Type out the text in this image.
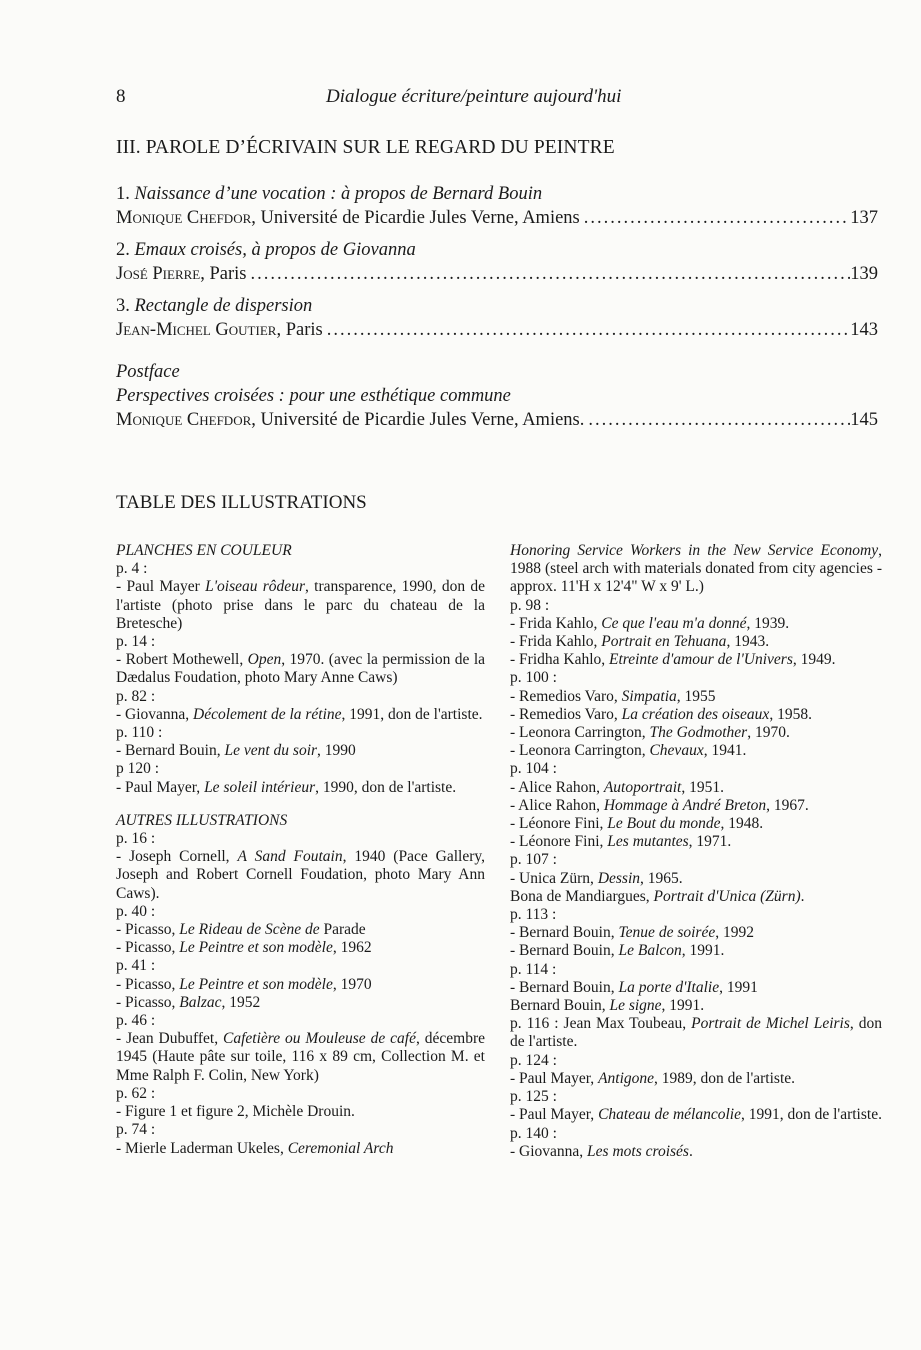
8	Dialogue écriture/peinture aujourd'hui
III. PAROLE D’ÉCRIVAIN SUR LE REGARD DU PEINTRE
1. Naissance d’une vocation : à propos de Bernard Bouin
Monique Chefdor, Université de Picardie Jules Verne, Amiens .....	137
2. Emaux croisés, à propos de Giovanna
José Pierre, Paris .....	139
3. Rectangle de dispersion
Jean-Michel Goutier, Paris .....	143
Postface
Perspectives croisées : pour une esthétique commune
Monique Chefdor, Université de Picardie Jules Verne, Amiens. .....	145
TABLE DES ILLUSTRATIONS
PLANCHES EN COULEUR
p. 4 :
- Paul Mayer L'oiseau rôdeur, transparence, 1990, don de l'artiste (photo prise dans le parc du chateau de la Bretesche)
p. 14 :
- Robert Mothewell, Open, 1970. (avec la permission de la Dædalus Foudation, photo Mary Anne Caws)
p. 82 :
- Giovanna, Décolement de la rétine, 1991, don de l'artiste.
p. 110 :
- Bernard Bouin, Le vent du soir, 1990
p 120 :
- Paul Mayer, Le soleil intérieur, 1990, don de l'artiste.
AUTRES ILLUSTRATIONS
p. 16 :
- Joseph Cornell, A Sand Foutain, 1940 (Pace Gallery, Joseph and Robert Cornell Foudation, photo Mary Ann Caws).
p. 40 :
- Picasso, Le Rideau de Scène de Parade
- Picasso, Le Peintre et son modèle, 1962
p. 41 :
- Picasso, Le Peintre et son modèle, 1970
- Picasso, Balzac, 1952
p. 46 :
- Jean Dubuffet, Cafetière ou Mouleuse de café, décembre 1945 (Haute pâte sur toile, 116 x 89 cm, Collection M. et Mme Ralph F. Colin, New York)
p. 62 :
- Figure 1 et figure 2, Michèle Drouin.
p. 74 :
- Mierle Laderman Ukeles, Ceremonial Arch
Honoring Service Workers in the New Service Economy, 1988 (steel arch with materials donated from city agencies - approx. 11'H x 12'4" W x 9' L.)
p. 98 :
- Frida Kahlo, Ce que l'eau m'a donné, 1939.
- Frida Kahlo, Portrait en Tehuana, 1943.
- Fridha Kahlo, Etreinte d'amour de l'Univers, 1949.
p. 100 :
- Remedios Varo, Simpatia, 1955
- Remedios Varo, La création des oiseaux, 1958.
- Leonora Carrington, The Godmother, 1970.
- Leonora Carrington, Chevaux, 1941.
p. 104 :
- Alice Rahon, Autoportrait, 1951.
- Alice Rahon, Hommage à André Breton, 1967.
- Léonore Fini, Le Bout du monde, 1948.
- Léonore Fini, Les mutantes, 1971.
p. 107 :
- Unica Zürn, Dessin, 1965.
Bona de Mandiargues, Portrait d'Unica (Zürn).
p. 113 :
- Bernard Bouin, Tenue de soirée, 1992
- Bernard Bouin, Le Balcon, 1991.
p. 114 :
- Bernard Bouin, La porte d'Italie, 1991
Bernard Bouin, Le signe, 1991.
p. 116 : Jean Max Toubeau, Portrait de Michel Leiris, don de l'artiste.
p. 124 :
- Paul Mayer, Antigone, 1989, don de l'artiste.
p. 125 :
- Paul Mayer, Chateau de mélancolie, 1991, don de l'artiste.
p. 140 :
- Giovanna, Les mots croisés.
